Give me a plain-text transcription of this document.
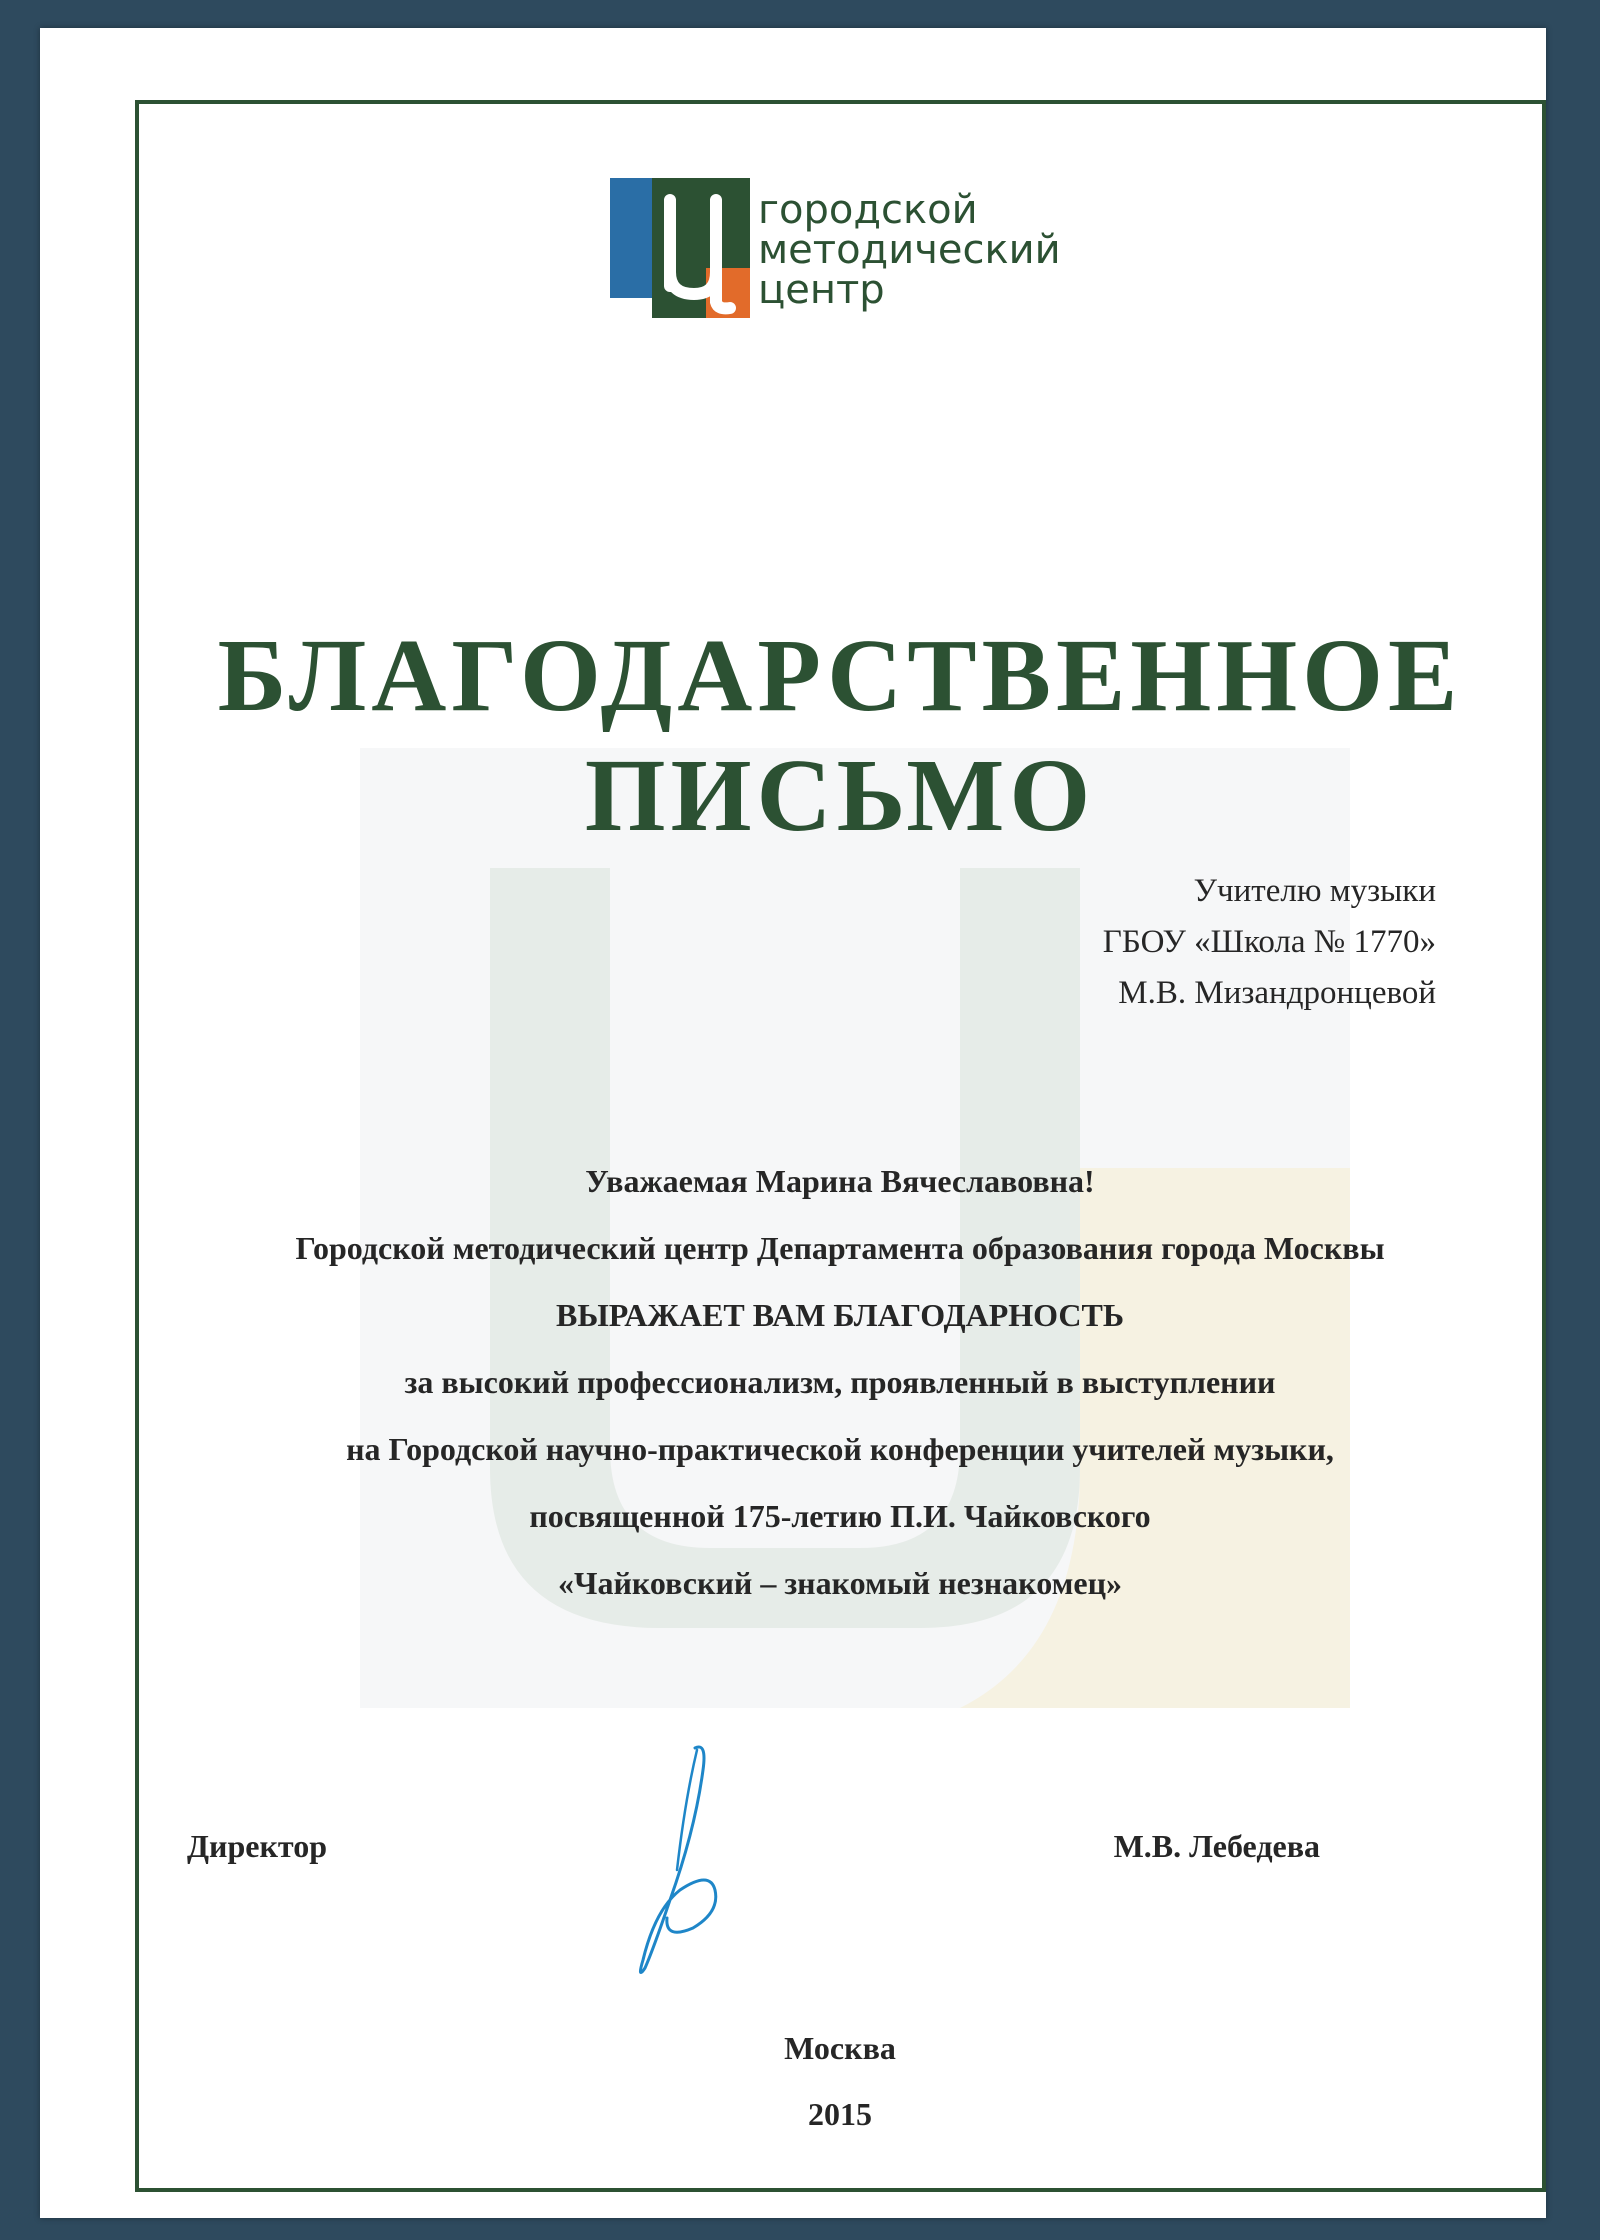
городской
методический
центр
БЛАГОДАРСТВЕННОЕ
ПИСЬМО
Учителю музыки
ГБОУ «Школа № 1770»
М.В. Мизандронцевой
Уважаемая Марина Вячеславовна!
Городской методический центр Департамента образования города Москвы
ВЫРАЖАЕТ ВАМ БЛАГОДАРНОСТЬ
за высокий профессионализм, проявленный в выступлении
на Городской научно-практической конференции учителей музыки,
посвященной 175-летию П.И. Чайковского
«Чайковский – знакомый незнакомец»
Директор	М.В. Лебедева
Москва
2015
